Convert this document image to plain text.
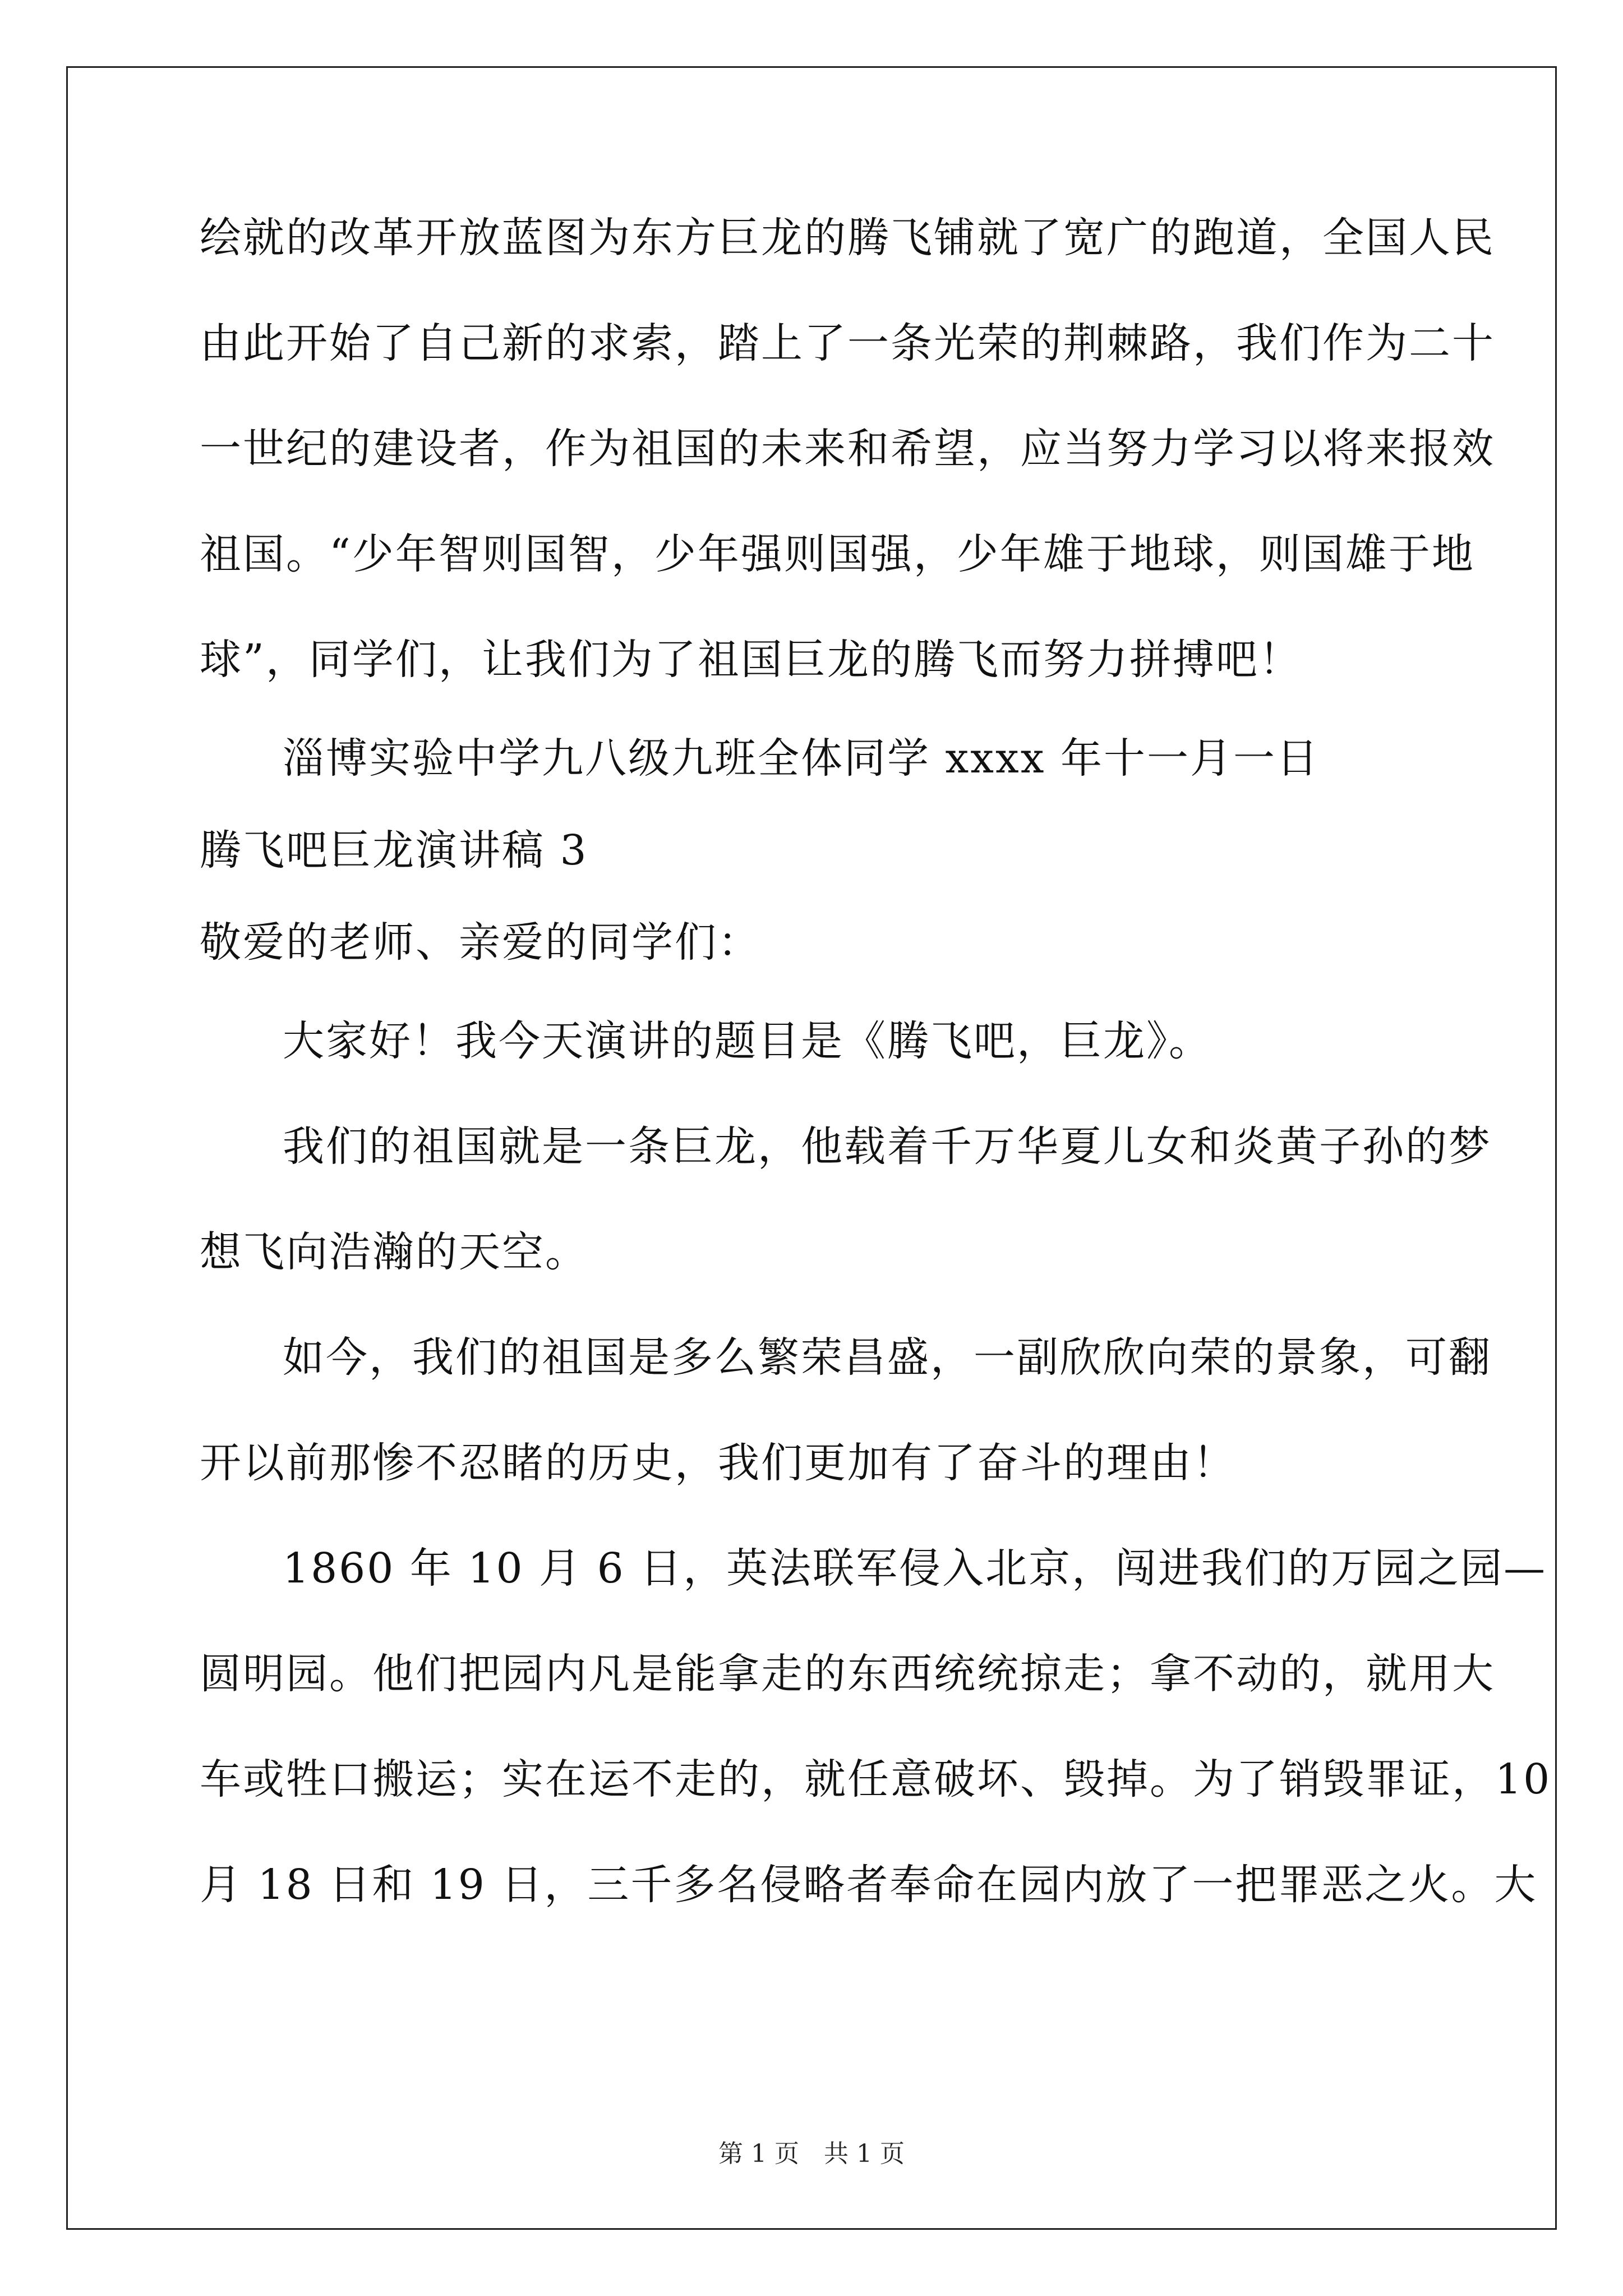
绘就的改革开放蓝图为东方巨龙的腾飞铺就了宽广的跑道，全国人民
由此开始了自己新的求索，踏上了一条光荣的荆棘路，我们作为二十
一世纪的建设者，作为祖国的未来和希望，应当努力学习以将来报效
祖国。“少年智则国智，少年强则国强，少年雄于地球，则国雄于地
球”，同学们，让我们为了祖国巨龙的腾飞而努力拼搏吧！
淄博实验中学九八级九班全体同学 xxxx 年十一月一日
腾飞吧巨龙演讲稿 3
敬爱的老师、亲爱的同学们：
大家好！我今天演讲的题目是《腾飞吧，巨龙》。
我们的祖国就是一条巨龙，他载着千万华夏儿女和炎黄子孙的梦
想飞向浩瀚的天空。
如今，我们的祖国是多么繁荣昌盛，一副欣欣向荣的景象，可翻
开以前那惨不忍睹的历史，我们更加有了奋斗的理由！
1860 年 10 月 6 日，英法联军侵入北京，闯进我们的万园之园—
圆明园。他们把园内凡是能拿走的东西统统掠走；拿不动的，就用大
车或牲口搬运；实在运不走的，就任意破坏、毁掉。为了销毁罪证，10
月 18 日和 19 日，三千多名侵略者奉命在园内放了一把罪恶之火。大
第 1 页　共 1 页
